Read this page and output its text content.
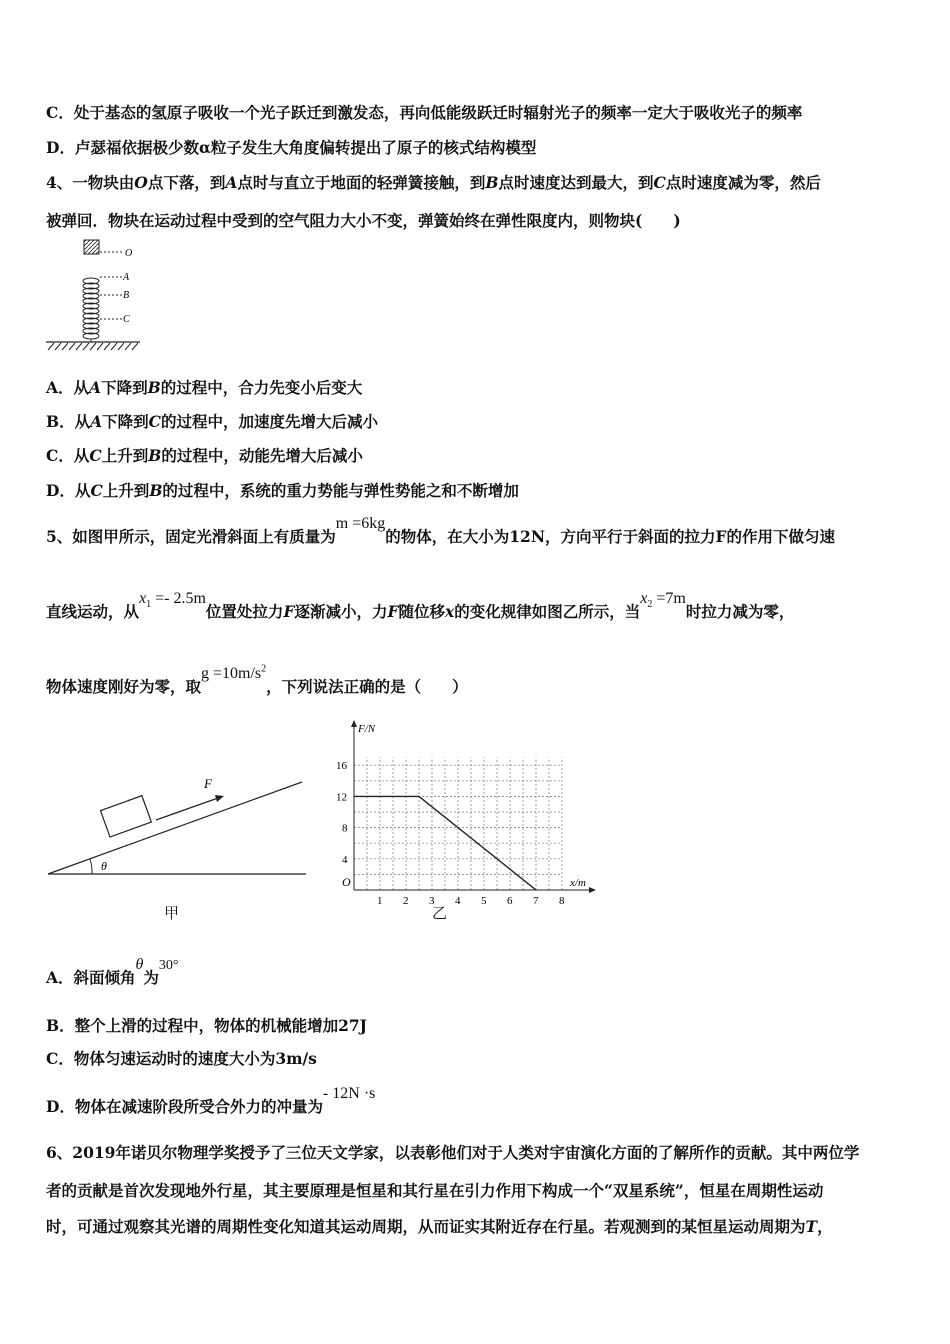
C．处于基态的氢原子吸收一个光子跃迁到激发态，再向低能级跃迁时辐射光子的频率一定大于吸收光子的频率
D．卢瑟福依据极少数α粒子发生大角度偏转提出了原子的核式结构模型
4、一物块由O点下落，到A点时与直立于地面的轻弹簧接触，到B点时速度达到最大，到C点时速度减为零，然后
被弹回．物块在运动过程中受到的空气阻力大小不变，弹簧始终在弹性限度内，则物块(　　)
O
A
B
C
A．从A下降到B的过程中，合力先变小后变大
B．从A下降到C的过程中，加速度先增大后减小
C．从C上升到B的过程中，动能先增大后减小
D．从C上升到B的过程中，系统的重力势能与弹性势能之和不断增加
5、如图甲所示，固定光滑斜面上有质量为m =6kg的物体，在大小为12N，方向平行于斜面的拉力F的作用下做匀速
直线运动，从$x_1 =- 2.5m$位置处拉力F逐渐减小，力F随位移x的变化规律如图乙所示，当$x_2 =7m$时拉力减为零，
物体速度刚好为零，取$g =10m/s^2$，下列说法正确的是（　　）
F
θ
甲
1 2 3 4 5 6 7 8
4
8
12
16
F/N
x/m
O
乙
A．斜面倾角θ为30°
B．整个上滑的过程中，物体的机械能增加27J
C．物体匀速运动时的速度大小为3m/s
D．物体在减速阶段所受合外力的冲量为- 12N ·s
6、2019年诺贝尔物理学奖授予了三位天文学家，以表彰他们对于人类对宇宙演化方面的了解所作的贡献。其中两位学
者的贡献是首次发现地外行星，其主要原理是恒星和其行星在引力作用下构成一个“双星系统”，恒星在周期性运动
时，可通过观察其光谱的周期性变化知道其运动周期，从而证实其附近存在行星。若观测到的某恒星运动周期为T，
